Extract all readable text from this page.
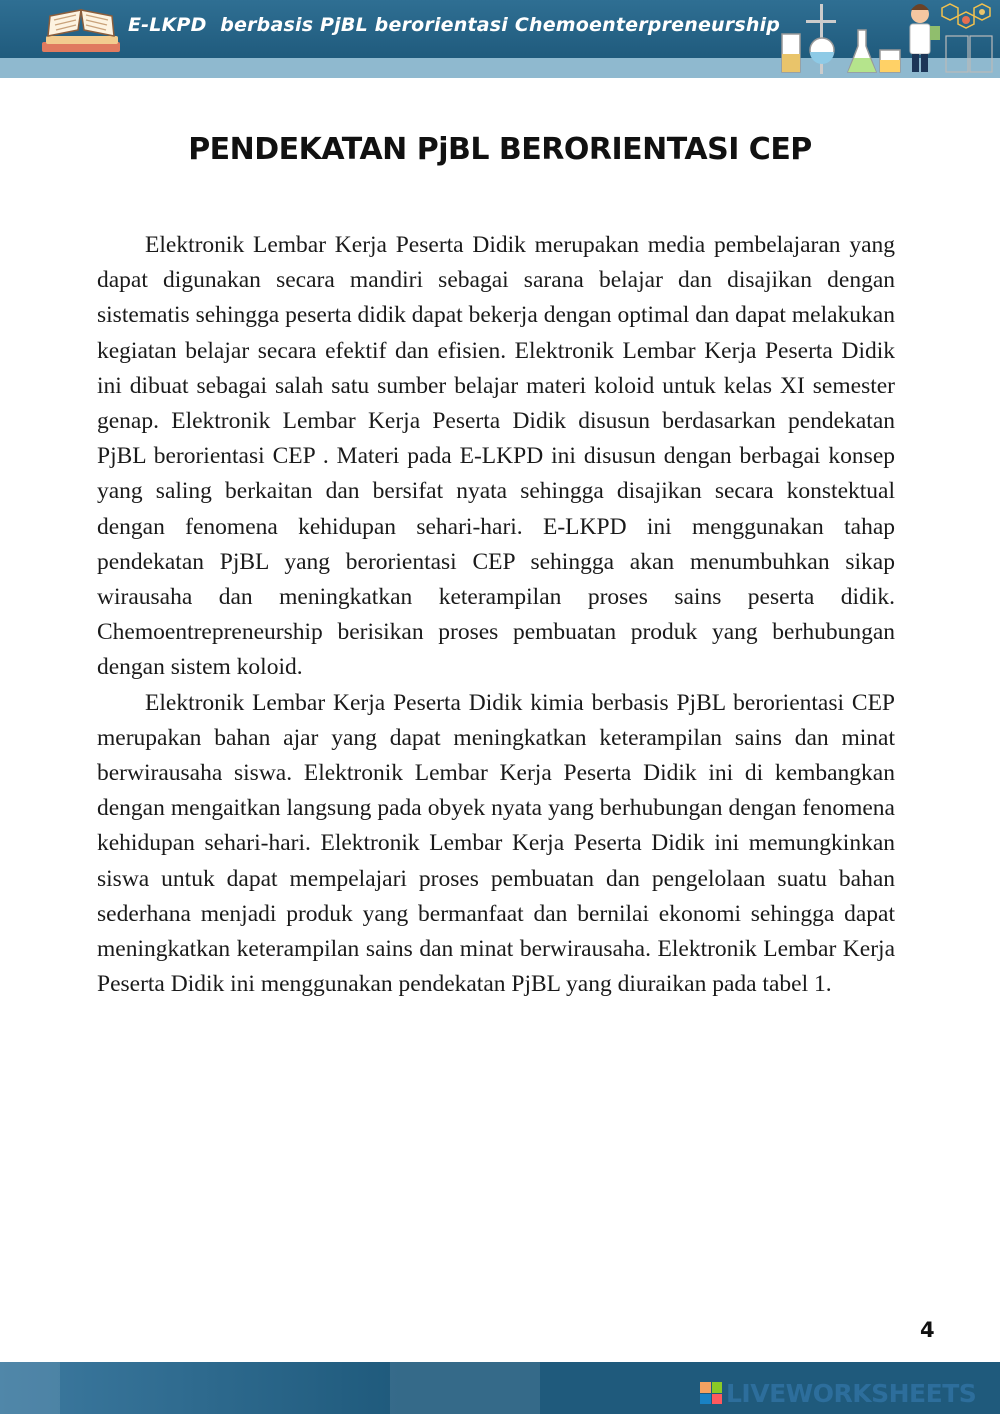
E-LKPD  berbasis PjBL berorientasi Chemoenterpreneurship
PENDEKATAN PjBL BERORIENTASI CEP

Elektronik Lembar Kerja Peserta Didik merupakan media pembelajaran yang dapat digunakan secara mandiri sebagai sarana belajar dan disajikan dengan sistematis sehingga peserta didik dapat bekerja dengan optimal dan dapat melakukan kegiatan belajar secara efektif dan efisien. Elektronik Lembar Kerja Peserta Didik ini dibuat sebagai salah satu sumber belajar materi koloid untuk kelas XI semester genap. Elektronik Lembar Kerja Peserta Didik disusun berdasarkan pendekatan PjBL berorientasi CEP . Materi pada E-LKPD ini disusun dengan berbagai konsep yang saling berkaitan dan bersifat nyata sehingga disajikan secara konstektual dengan fenomena kehidupan sehari-hari. E-LKPD ini menggunakan tahap pendekatan PjBL yang berorientasi CEP sehingga akan menumbuhkan sikap wirausaha dan meningkatkan keterampilan proses sains peserta didik. Chemoentrepreneurship berisikan proses pembuatan produk yang berhubungan dengan sistem koloid.

Elektronik Lembar Kerja Peserta Didik kimia berbasis PjBL berorientasi CEP merupakan bahan ajar yang dapat meningkatkan keterampilan sains dan minat berwirausaha siswa. Elektronik Lembar Kerja Peserta Didik ini di kembangkan dengan mengaitkan langsung pada obyek nyata yang berhubungan dengan fenomena kehidupan sehari-hari. Elektronik Lembar Kerja Peserta Didik ini memungkinkan siswa untuk dapat mempelajari proses pembuatan dan pengelolaan suatu bahan sederhana menjadi produk yang bermanfaat dan bernilai ekonomi sehingga dapat meningkatkan keterampilan sains dan minat berwirausaha. Elektronik Lembar Kerja Peserta Didik ini menggunakan pendekatan PjBL yang diuraikan pada tabel 1.

4
LIVEWORKSHEETS
